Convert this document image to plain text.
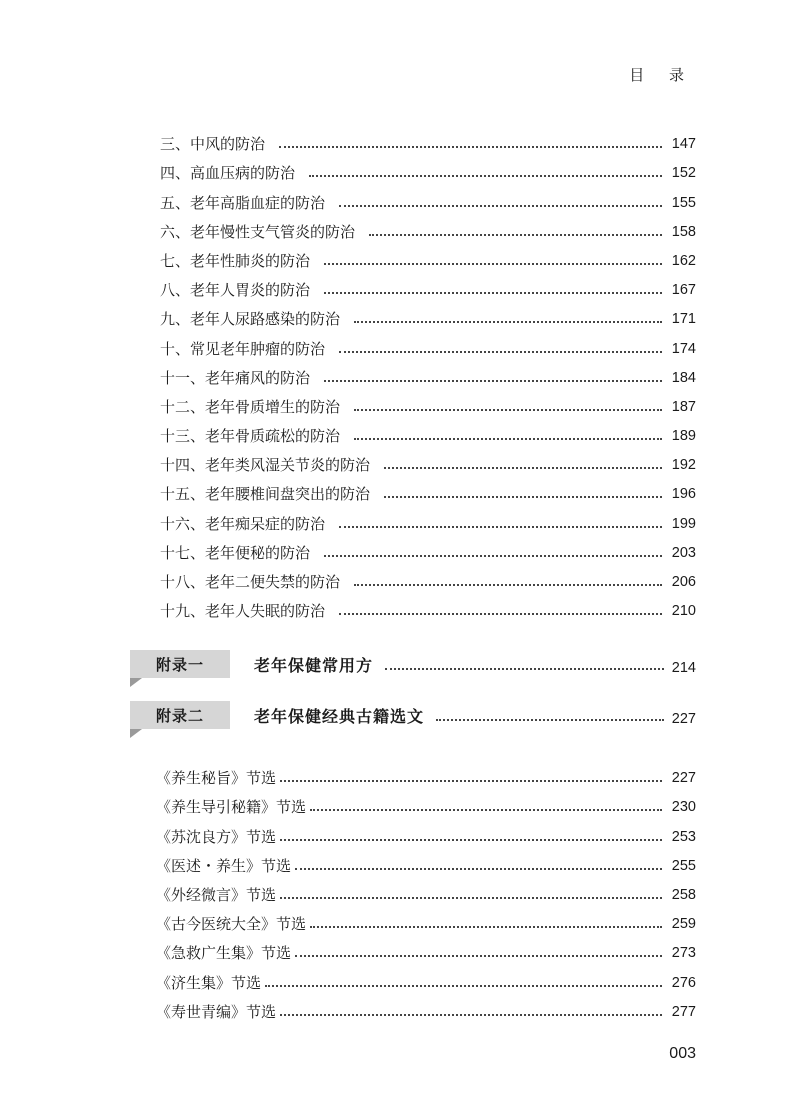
目 录
三、中风的防治	147
四、高血压病的防治	152
五、老年高脂血症的防治	155
六、老年慢性支气管炎的防治	158
七、老年性肺炎的防治	162
八、老年人胃炎的防治	167
九、老年人尿路感染的防治	171
十、常见老年肿瘤的防治	174
十一、老年痛风的防治	184
十二、老年骨质增生的防治	187
十三、老年骨质疏松的防治	189
十四、老年类风湿关节炎的防治	192
十五、老年腰椎间盘突出的防治	196
十六、老年痴呆症的防治	199
十七、老年便秘的防治	203
十八、老年二便失禁的防治	206
十九、老年人失眠的防治	210
附录一	老年保健常用方	214
附录二	老年保健经典古籍选文	227
《养生秘旨》节选	227
《养生导引秘籍》节选	230
《苏沈良方》节选	253
《医述・养生》节选	255
《外经微言》节选	258
《古今医统大全》节选	259
《急救广生集》节选	273
《济生集》节选	276
《寿世青编》节选	277
003
